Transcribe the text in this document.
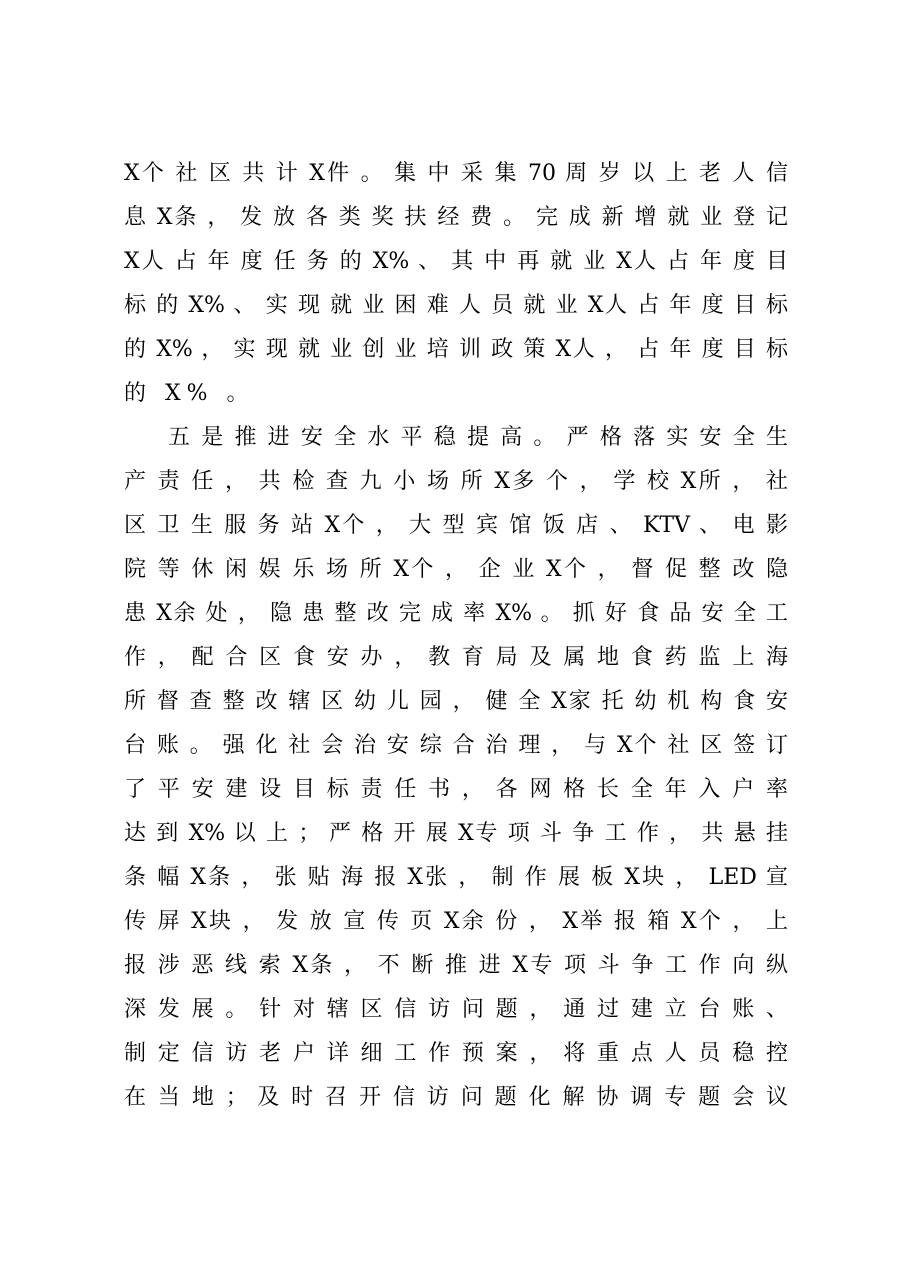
X个 社 区 共 计 X件 。 集 中 采 集 70 周 岁 以 上 老 人 信
息 X条 ， 发 放 各 类 奖 扶 经 费 。 完 成 新 增 就 业 登 记
X人 占 年 度 任 务 的 X% 、 其 中 再 就 业 X人 占 年 度 目
标 的 X% 、 实 现 就 业 困 难 人 员 就 业 X人 占 年 度 目 标
的 X% ， 实 现 就 业 创 业 培 训 政 策 X人 ， 占 年 度 目 标
的 X% 。
五 是 推 进 安 全 水 平 稳 提 高 。 严 格 落 实 安 全 生
产 责 任 ， 共 检 查 九 小 场 所 X多 个 ， 学 校 X所 ， 社
区 卫 生 服 务 站 X个 ， 大 型 宾 馆 饭 店 、 KTV 、 电 影
院 等 休 闲 娱 乐 场 所 X个 ， 企 业 X个 ， 督 促 整 改 隐
患 X余 处 ， 隐 患 整 改 完 成 率 X% 。 抓 好 食 品 安 全 工
作 ， 配 合 区 食 安 办 ， 教 育 局 及 属 地 食 药 监 上 海
所 督 查 整 改 辖 区 幼 儿 园 ， 健 全 X家 托 幼 机 构 食 安
台 账 。 强 化 社 会 治 安 综 合 治 理 ， 与 X个 社 区 签 订
了 平 安 建 设 目 标 责 任 书 ， 各 网 格 长 全 年 入 户 率
达 到 X% 以 上 ； 严 格 开 展 X专 项 斗 争 工 作 ， 共 悬 挂
条 幅 X条 ， 张 贴 海 报 X张 ， 制 作 展 板 X块 ， LED 宣
传 屏 X块 ， 发 放 宣 传 页 X余 份 ， X举 报 箱 X个 ， 上
报 涉 恶 线 索 X条 ， 不 断 推 进 X专 项 斗 争 工 作 向 纵
深 发 展 。 针 对 辖 区 信 访 问 题 ， 通 过 建 立 台 账 、
制 定 信 访 老 户 详 细 工 作 预 案 ， 将 重 点 人 员 稳 控
在 当 地 ； 及 时 召 开 信 访 问 题 化 解 协 调 专 题 会 议
